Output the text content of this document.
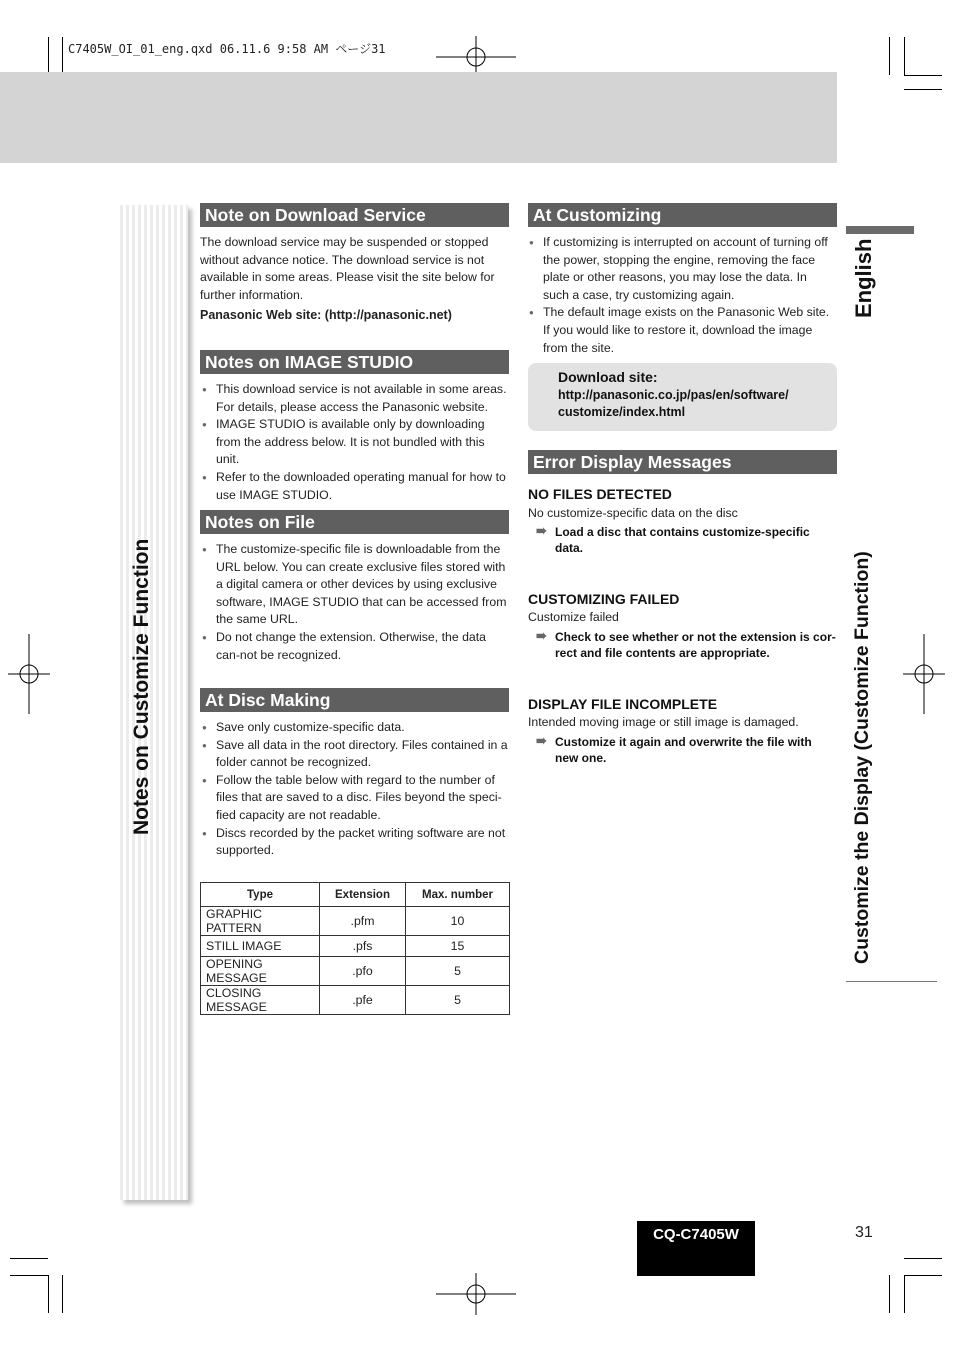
C7405W_OI_01_eng.qxd 06.11.6 9:58 AM ページ31
Notes on Customize Function
English
Customize the Display (Customize Function)
Note on Download Service
The download service may be suspended or stopped without advance notice. The download service is not available in some areas. Please visit the site below for further information.
Panasonic Web site: (http://panasonic.net)
Notes on IMAGE STUDIO
● This download service is not available in some areas. For details, please access the Panasonic website.
● IMAGE STUDIO is available only by downloading from the address below. It is not bundled with this unit.
● Refer to the downloaded operating manual for how to use IMAGE STUDIO.
Notes on File
● The customize-specific file is downloadable from the URL below. You can create exclusive files stored with a digital camera or other devices by using exclusive software, IMAGE STUDIO that can be accessed from the same URL.
● Do not change the extension. Otherwise, the data can-not be recognized.
At Disc Making
● Save only customize-specific data.
● Save all data in the root directory. Files contained in a folder cannot be recognized.
● Follow the table below with regard to the number of files that are saved to a disc. Files beyond the speci-fied capacity are not readable.
● Discs recorded by the packet writing software are not supported.
Type	Extension	Max. number
GRAPHIC PATTERN	.pfm	10
STILL IMAGE	.pfs	15
OPENING MESSAGE	.pfo	5
CLOSING MESSAGE	.pfe	5
At Customizing
● If customizing is interrupted on account of turning off the power, stopping the engine, removing the face plate or other reasons, you may lose the data. In such a case, try customizing again.
● The default image exists on the Panasonic Web site. If you would like to restore it, download the image from the site.
Download site:
http://panasonic.co.jp/pas/en/software/
customize/index.html
Error Display Messages
NO FILES DETECTED
No customize-specific data on the disc
➠ Load a disc that contains customize-specific data.
CUSTOMIZING FAILED
Customize failed
➠ Check to see whether or not the extension is cor-rect and file contents are appropriate.
DISPLAY FILE INCOMPLETE
Intended moving image or still image is damaged.
➠ Customize it again and overwrite the file with new one.
CQ-C7405W	31
